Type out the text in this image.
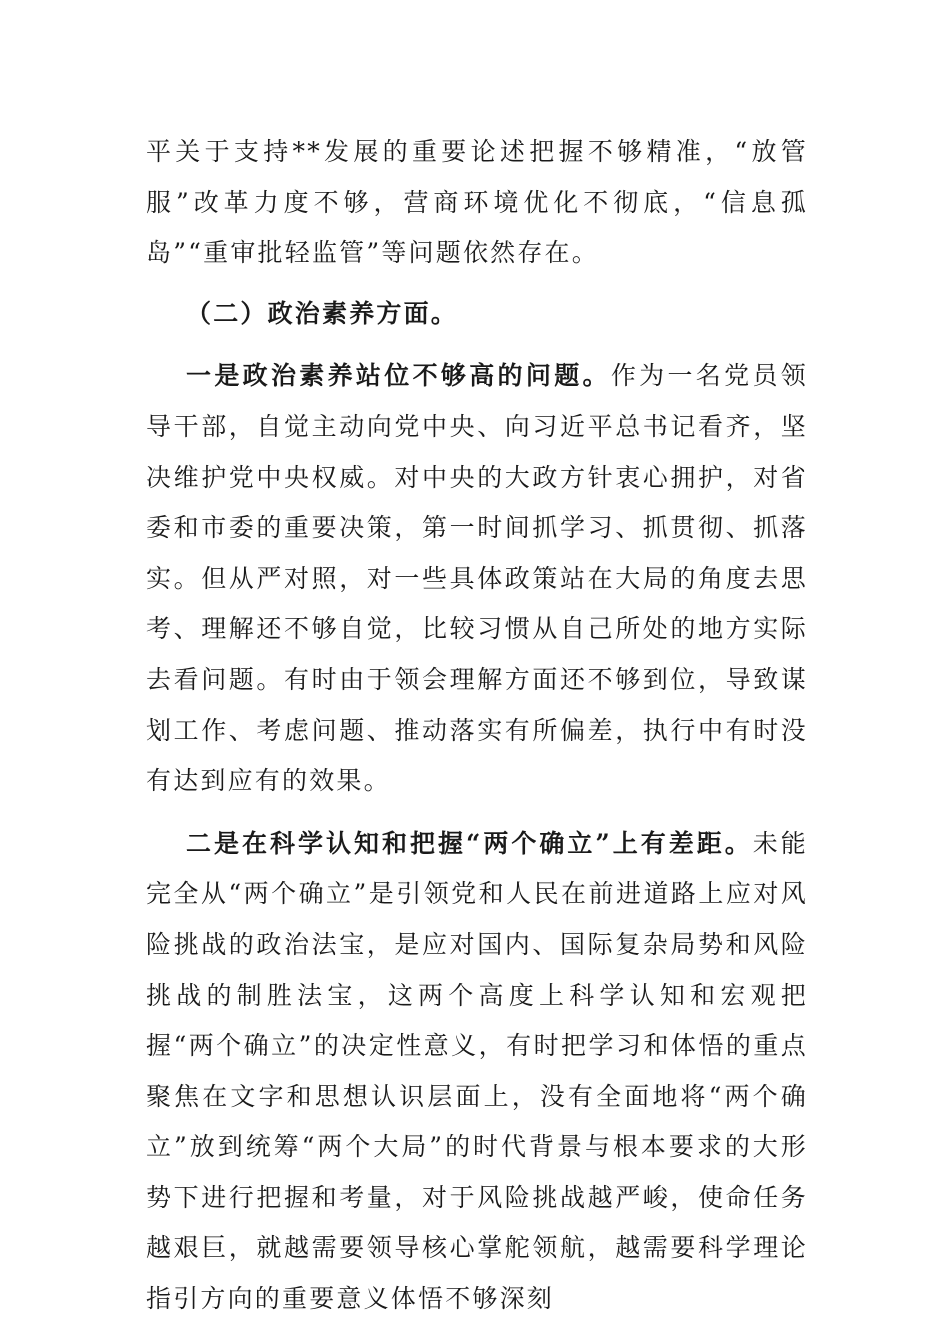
平关于支持**发展的重要论述把握不够精准，“放管服”改革力度不够，营商环境优化不彻底，“信息孤岛”“重审批轻监管”等问题依然存在。

（二）政治素养方面。

一是政治素养站位不够高的问题。作为一名党员领导干部，自觉主动向党中央、向习近平总书记看齐，坚决维护党中央权威。对中央的大政方针衷心拥护，对省委和市委的重要决策，第一时间抓学习、抓贯彻、抓落实。但从严对照，对一些具体政策站在大局的角度去思考、理解还不够自觉，比较习惯从自己所处的地方实际去看问题。有时由于领会理解方面还不够到位，导致谋划工作、考虑问题、推动落实有所偏差，执行中有时没有达到应有的效果。

二是在科学认知和把握“两个确立”上有差距。未能完全从“两个确立”是引领党和人民在前进道路上应对风险挑战的政治法宝，是应对国内、国际复杂局势和风险挑战的制胜法宝，这两个高度上科学认知和宏观把握“两个确立”的决定性意义，有时把学习和体悟的重点聚焦在文字和思想认识层面上，没有全面地将“两个确立”放到统筹“两个大局”的时代背景与根本要求的大形势下进行把握和考量，对于风险挑战越严峻，使命任务越艰巨，就越需要领导核心掌舵领航，越需要科学理论指引方向的重要意义体悟不够深刻
